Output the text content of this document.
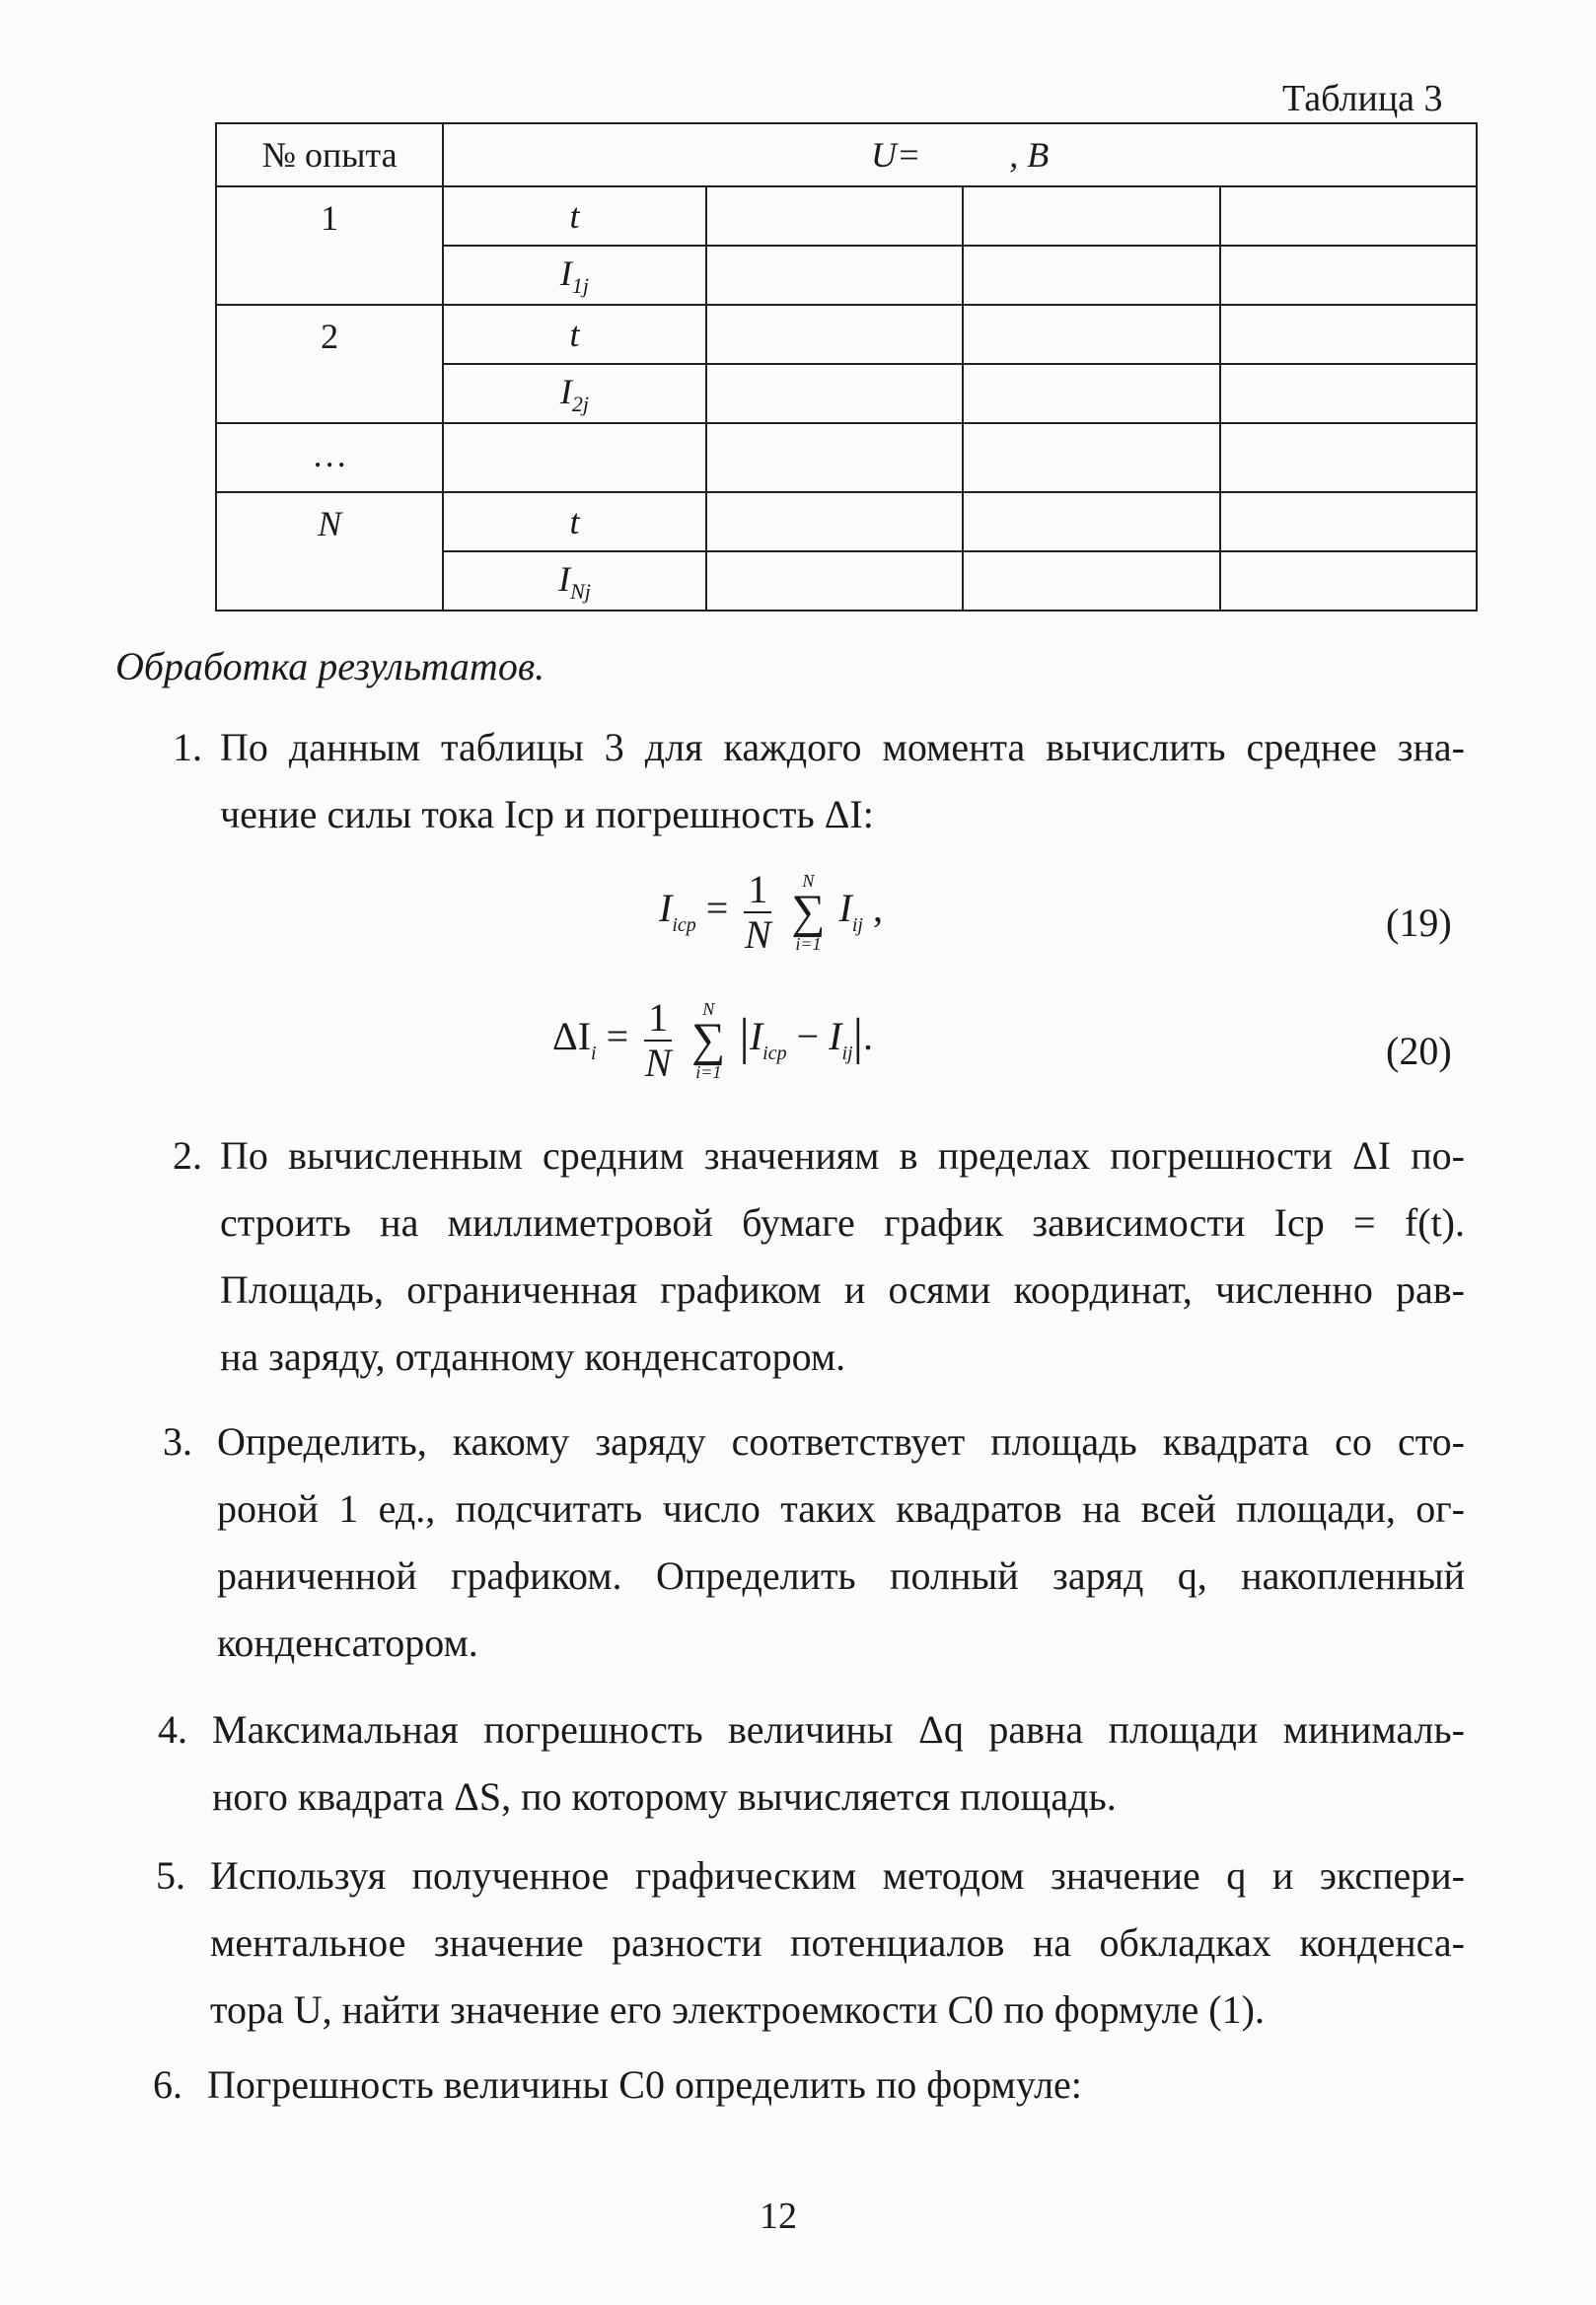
Таблица 3
№ опыта	U= , B			
1	t			
	$I_{1j}$			
2	t			
	$I_{2j}$			
…				
N	t			
	$I_{Nj}$			
Обработка результатов.
1. По данным таблицы 3 для каждого момента вычислить среднее зна-
чение силы тока Iср и погрешность ΔI:
$I_{icp} = \frac{1}{N}$
	N
∑
i=1
$I_{ij}$ ,	(19)
$\Delta I_i = \frac{1}{N}$
	N
∑
i=1
$|I_{icp} - I_{ij}|$.	(20)
2. По вычисленным средним значениям в пределах погрешности ΔI по-
строить на миллиметровой бумаге график зависимости Iср = f(t).
Площадь, ограниченная графиком и осями координат, численно рав-
на заряду, отданному конденсатором.
3. Определить, какому заряду соответствует площадь квадрата со сто-
роной 1 ед., подсчитать число таких квадратов на всей площади, ог-
раниченной графиком. Определить полный заряд q, накопленный
конденсатором.
4. Максимальная погрешность величины Δq равна площади минималь-
ного квадрата ΔS, по которому вычисляется площадь.
5. Используя полученное графическим методом значение q и экспери-
ментальное значение разности потенциалов на обкладках конденса-
тора U, найти значение его электроемкости C0 по формуле (1).
6. Погрешность величины C0 определить по формуле:
12
